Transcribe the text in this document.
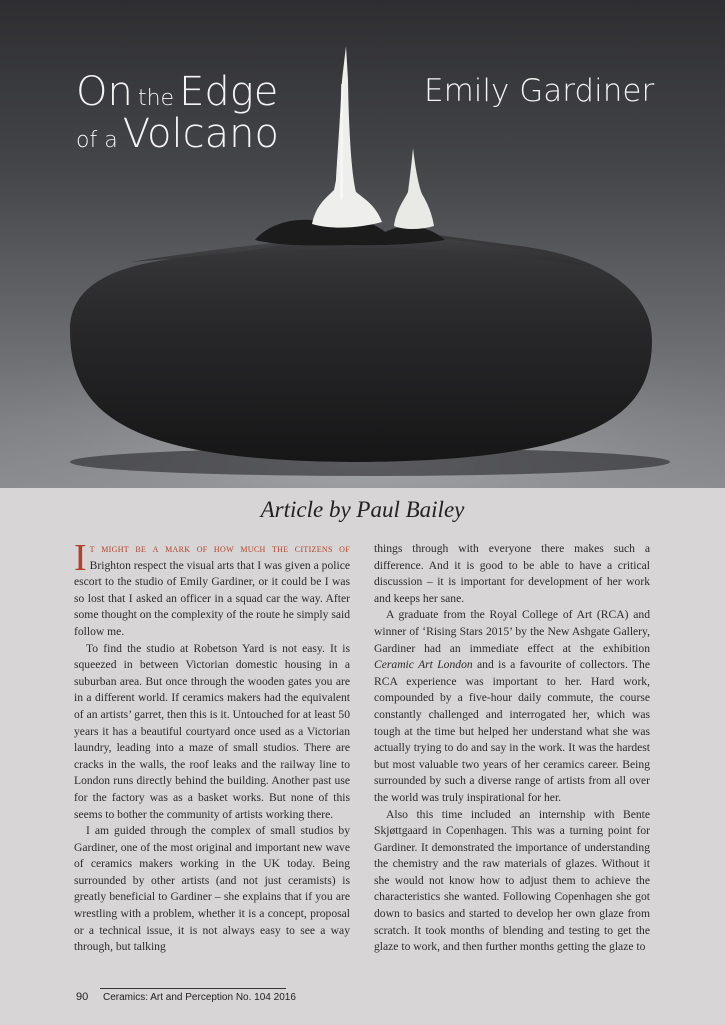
On the Edge
of a Volcano
Emily Gardiner
Article by Paul Bailey

It might be a mark of how much the citizens of Brighton respect the visual arts that I was given a police escort to the studio of Emily Gardiner, or it could be I was so lost that I asked an officer in a squad car the way. After some thought on the complexity of the route he simply said follow me.

To find the studio at Robetson Yard is not easy. It is squeezed in between Victorian domestic housing in a suburban area. But once through the wooden gates you are in a different world. If ceramics makers had the equivalent of an artists’ garret, then this is it. Untouched for at least 50 years it has a beautiful courtyard once used as a Victorian laundry, leading into a maze of small studios. There are cracks in the walls, the roof leaks and the railway line to London runs directly behind the building. Another past use for the factory was as a basket works. But none of this seems to bother the community of artists working there.

I am guided through the complex of small studios by Gardiner, one of the most original and important new wave of ceramics makers working in the UK today. Being surrounded by other artists (and not just ceramists) is greatly beneficial to Gardiner – she explains that if you are wrestling with a problem, whether it is a concept, proposal or a technical issue, it is not always easy to see a way through, but talking

things through with everyone there makes such a difference. And it is good to be able to have a critical discussion – it is important for development of her work and keeps her sane.

A graduate from the Royal College of Art (RCA) and winner of ‘Rising Stars 2015’ by the New Ashgate Gallery, Gardiner had an immediate effect at the exhibition Ceramic Art London and is a favourite of collectors. The RCA experience was important to her. Hard work, compounded by a five-hour daily commute, the course constantly challenged and interrogated her, which was tough at the time but helped her understand what she was actually trying to do and say in the work. It was the hardest but most valuable two years of her ceramics career. Being surrounded by such a diverse range of artists from all over the world was truly inspirational for her.

Also this time included an internship with Bente Skjøttgaard in Copenhagen. This was a turning point for Gardiner. It demonstrated the importance of understanding the chemistry and the raw materials of glazes. Without it she would not know how to adjust them to achieve the characteristics she wanted. Following Copenhagen she got down to basics and started to develop her own glaze from scratch. It took months of blending and testing to get the glaze to work, and then further months getting the glaze to

90 Ceramics: Art and Perception No. 104 2016
